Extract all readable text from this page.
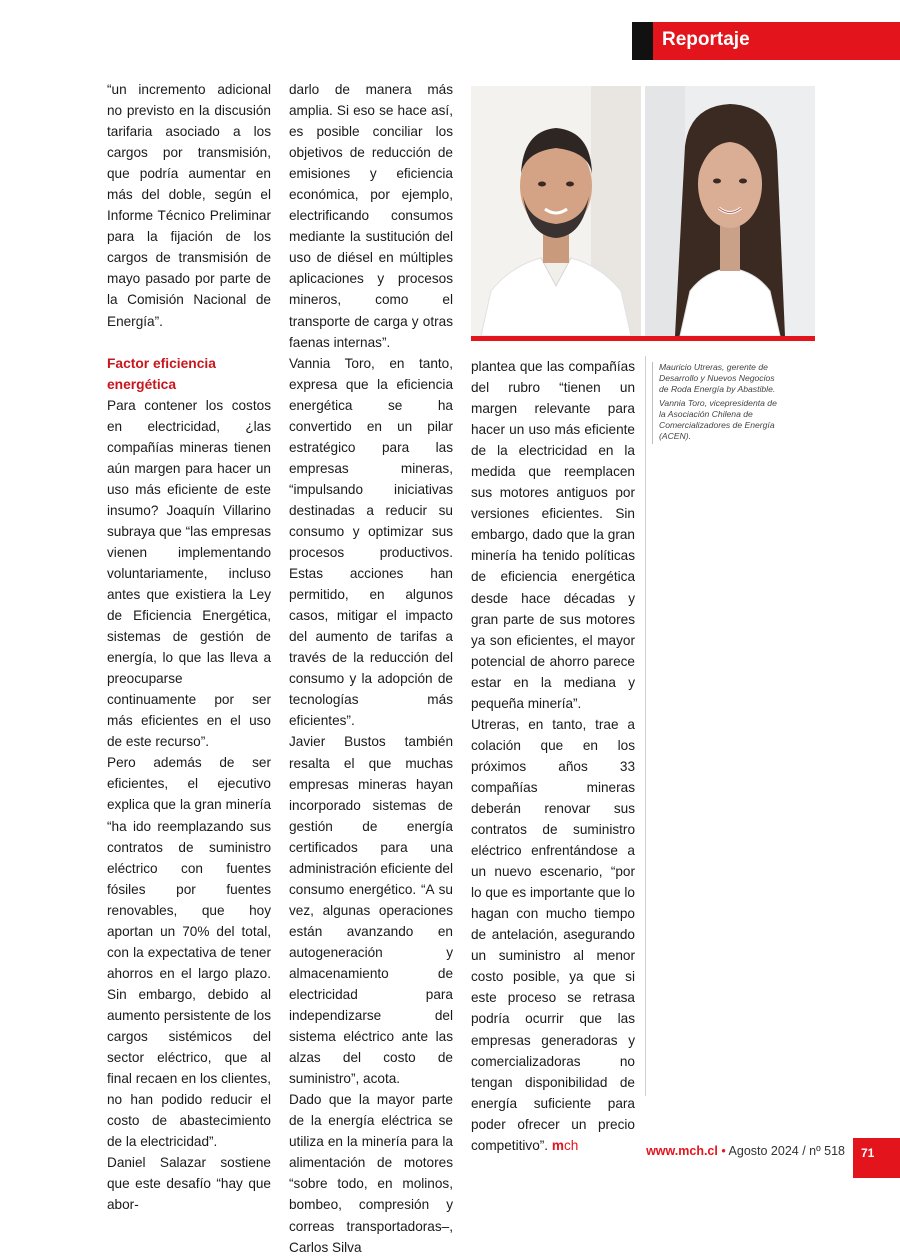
Reportaje

“un incremento adicional no previsto en la discusión tarifaria asociado a los cargos por transmisión, que podría aumentar en más del doble, según el Informe Técnico Preliminar para la fijación de los cargos de transmisión de mayo pasado por parte de la Comisión Nacional de Energía”.

Factor eficiencia energética

Para contener los costos en electricidad, ¿las compañías mineras tienen aún margen para hacer un uso más eficiente de este insumo? Joaquín Villarino subraya que “las empresas vienen implementando voluntariamente, incluso antes que existiera la Ley de Eficiencia Energética, sistemas de gestión de energía, lo que las lleva a preocuparse continuamente por ser más eficientes en el uso de este recurso”.

Pero además de ser eficientes, el ejecutivo explica que la gran minería “ha ido reemplazando sus contratos de suministro eléctrico con fuentes fósiles por fuentes renovables, que hoy aportan un 70% del total, con la expectativa de tener ahorros en el largo plazo. Sin embargo, debido al aumento persistente de los cargos sistémicos del sector eléctrico, que al final recaen en los clientes, no han podido reducir el costo de abastecimiento de la electricidad”.

Daniel Salazar sostiene que este desafío “hay que abor-

darlo de manera más amplia. Si eso se hace así, es posible conciliar los objetivos de reducción de emisiones y eficiencia económica, por ejemplo, electrificando consumos mediante la sustitución del uso de diésel en múltiples aplicaciones y procesos mineros, como el transporte de carga y otras faenas internas”.

Vannia Toro, en tanto, expresa que la eficiencia energética se ha convertido en un pilar estratégico para las empresas mineras, “impulsando iniciativas destinadas a reducir su consumo y optimizar sus procesos productivos. Estas acciones han permitido, en algunos casos, mitigar el impacto del aumento de tarifas a través de la reducción del consumo y la adopción de tecnologías más eficientes”.

Javier Bustos también resalta el que muchas empresas mineras hayan incorporado sistemas de gestión de energía certificados para una administración eficiente del consumo energético. “A su vez, algunas operaciones están avanzando en autogeneración y almacenamiento de electricidad para independizarse del sistema eléctrico ante las alzas del costo de suministro”, acota.

Dado que la mayor parte de la energía eléctrica se utiliza en la minería para la alimentación de motores “sobre todo, en molinos, bombeo, compresión y correas transportadoras–, Carlos Silva

plantea que las compañías del rubro “tienen un margen relevante para hacer un uso más eficiente de la electricidad en la medida que reemplacen sus motores antiguos por versiones eficientes. Sin embargo, dado que la gran minería ha tenido políticas de eficiencia energética desde hace décadas y gran parte de sus motores ya son eficientes, el mayor potencial de ahorro parece estar en la mediana y pequeña minería”.

Utreras, en tanto, trae a colación que en los próximos años 33 compañías mineras deberán renovar sus contratos de suministro eléctrico enfrentándose a un nuevo escenario, “por lo que es importante que lo hagan con mucho tiempo de antelación, asegurando un suministro al menor costo posible, ya que si este proceso se retrasa podría ocurrir que las empresas generadoras y comercializadoras no tengan disponibilidad de energía suficiente para poder ofrecer un precio competitivo”. mch

Mauricio Utreras, gerente de Desarrollo y Nuevos Negocios de Roda Energía by Abastible.

Vannia Toro, vicepresidenta de la Asociación Chilena de Comercializadores de Energía (ACEN).

www.mch.cl • Agosto 2024 / nº 518 71
